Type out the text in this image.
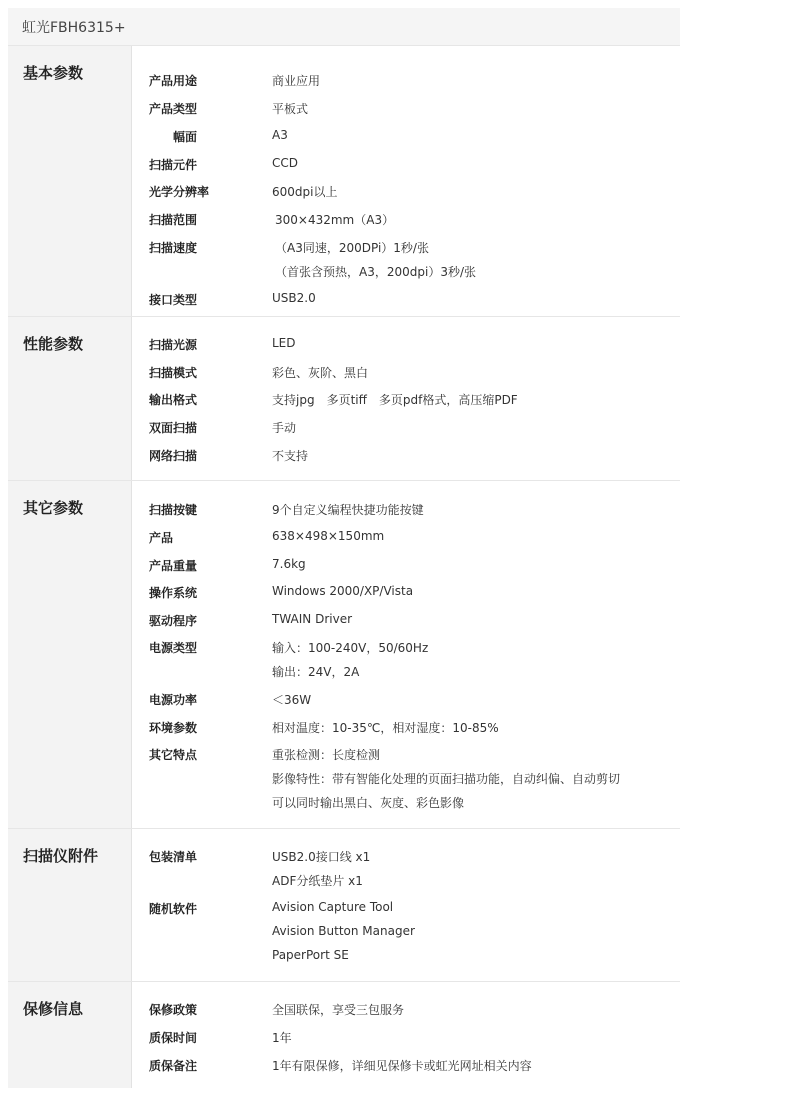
虹光FBH6315+
基本参数	产品用途	商业应用
产品类型	平板式
幅面	A3
扫描元件	CCD
光学分辨率	600dpi以上
扫描范围	300×432mm（A3）
扫描速度	（A3同速，200DPi）1秒/张
（首张含预热，A3，200dpi）3秒/张
接口类型	USB2.0
性能参数	扫描光源	LED
扫描模式	彩色、灰阶、黑白
输出格式	支持jpg　多页tiff　多页pdf格式，高压缩PDF
双面扫描	手动
网络扫描	不支持
其它参数	扫描按键	9个自定义编程快捷功能按键
产品	638×498×150mm
产品重量	7.6kg
操作系统	Windows 2000/XP/Vista
驱动程序	TWAIN Driver
电源类型	输入：100-240V，50/60Hz
输出：24V，2A
电源功率	＜36W
环境参数	相对温度：10-35℃，相对湿度：10-85%
其它特点	重张检测：长度检测
影像特性：带有智能化处理的页面扫描功能，自动纠偏、自动剪切
可以同时输出黑白、灰度、彩色影像
扫描仪附件	包装清单	USB2.0接口线 x1
ADF分纸垫片 x1
随机软件	Avision Capture Tool
Avision Button Manager
PaperPort SE
保修信息	保修政策	全国联保，享受三包服务
质保时间	1年
质保备注	1年有限保修，详细见保修卡或虹光网址相关内容
